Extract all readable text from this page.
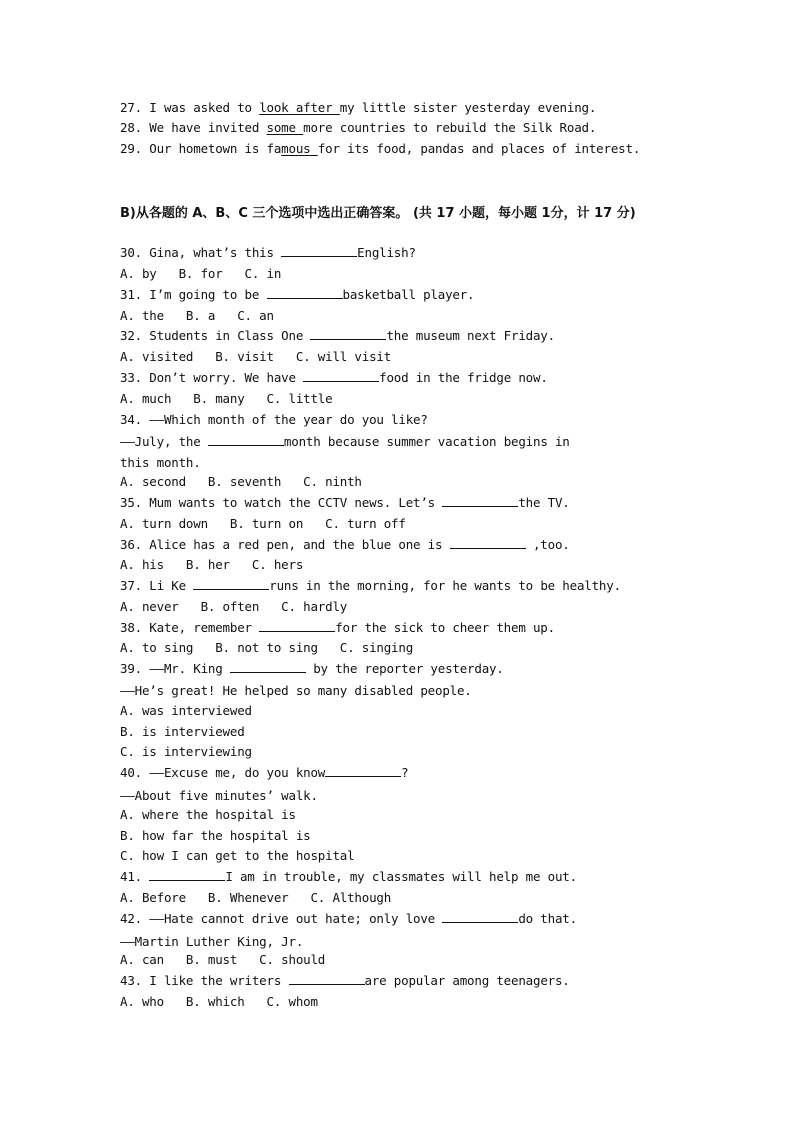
27. I was asked to look after my little sister yesterday evening.
28. We have invited some more countries to rebuild the Silk Road.
29. Our hometown is famous for its food, pandas and places of interest.
B)从各题的 A、B、C 三个选项中选出正确答案。 (共 17 小题，每小题 1分，计 17 分)
30. Gina, what’s this	English?
A. by   B. for   C. in
31. I’m going to be	basketball player.
A. the   B. a   C. an
32. Students in Class One	the museum next Friday.
A. visited   B. visit   C. will visit
33. Don’t worry. We have	food in the fridge now.
A. much   B. many   C. little
34. ——Which month of the year do you like?
——July, the	month because summer vacation begins in
this month.
A. second   B. seventh   C. ninth
35. Mum wants to watch the CCTV news. Let’s	the TV.
A. turn down   B. turn on   C. turn off
36. Alice has a red pen, and the blue one is	,too.
A. his   B. her   C. hers
37. Li Ke	runs in the morning, for he wants to be healthy.
A. never   B. often   C. hardly
38. Kate, remember	for the sick to cheer them up.
A. to sing   B. not to sing   C. singing
39. ——Mr. King	by the reporter yesterday.
——He’s great! He helped so many disabled people.
A. was interviewed
B. is interviewed
C. is interviewing
40. ——Excuse me, do you know	?
——About five minutes’ walk.
A. where the hospital is
B. how far the hospital is
C. how I can get to the hospital
41.	I am in trouble, my classmates will help me out.
A. Before   B. Whenever   C. Although
42. ——Hate cannot drive out hate; only love	do that.
——Martin Luther King, Jr.
A. can   B. must   C. should
43. I like the writers	are popular among teenagers.
A. who   B. which   C. whom
